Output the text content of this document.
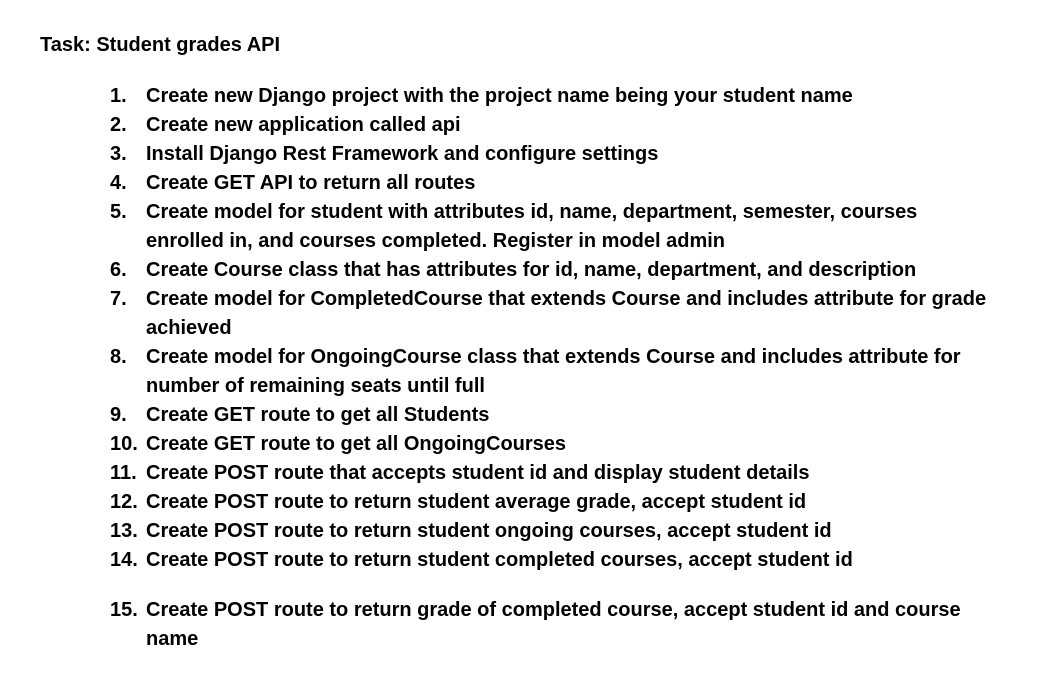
Task: Student grades API
1. Create new Django project with the project name being your student name
2. Create new application called api
3. Install Django Rest Framework and configure settings
4. Create GET API to return all routes
5. Create model for student with attributes id, name, department, semester, courses enrolled in, and courses completed. Register in model admin
6. Create Course class that has attributes for id, name, department, and description
7. Create model for CompletedCourse that extends Course and includes attribute for grade achieved
8. Create model for OngoingCourse class that extends Course and includes attribute for number of remaining seats until full
9. Create GET route to get all Students
10. Create GET route to get all OngoingCourses
11. Create POST route that accepts student id and display student details
12. Create POST route to return student average grade, accept student id
13. Create POST route to return student ongoing courses, accept student id
14. Create POST route to return student completed courses, accept student id
15. Create POST route to return grade of completed course, accept student id and course name
